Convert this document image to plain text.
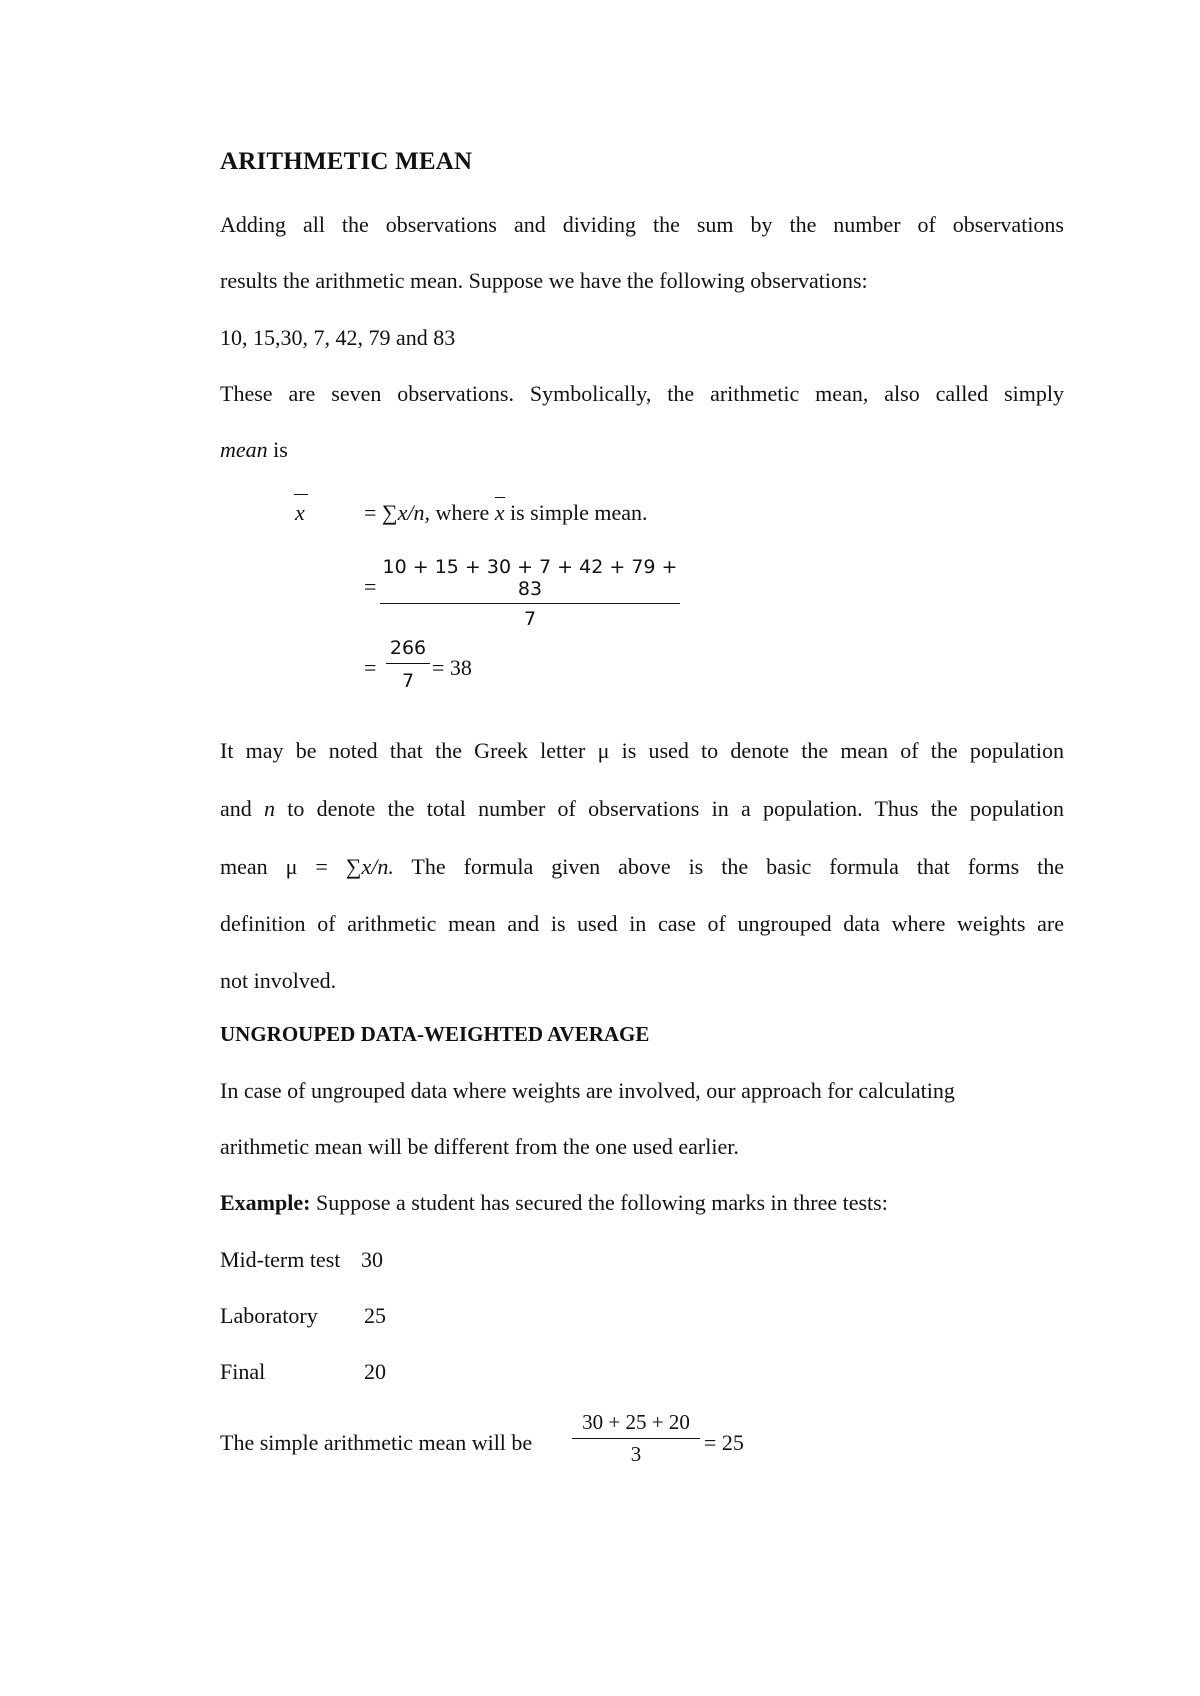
ARITHMETIC MEAN
Adding all the observations and dividing the sum by the number of observations
results the arithmetic mean. Suppose we have the following observations:
10, 15,30, 7, 42, 79 and 83
These are seven observations. Symbolically, the arithmetic mean, also called simply
mean is
x	= ∑x/n, where x is simple mean.
=
10 + 15 + 30 + 7 + 42 + 79 + 83
7
=
266
7
= 38
It may be noted that the Greek letter μ is used to denote the mean of the population
and n to denote the total number of observations in a population. Thus the population
mean μ = ∑x/n. The formula given above is the basic formula that forms the
definition of arithmetic mean and is used in case of ungrouped data where weights are
not involved.
UNGROUPED DATA-WEIGHTED AVERAGE
In case of ungrouped data where weights are involved, our approach for calculating
arithmetic mean will be different from the one used earlier.
Example: Suppose a student has secured the following marks in three tests:
Mid-term test 30
Laboratory 25
Final	20
The simple arithmetic mean will be
30 + 25 + 20
3	= 25
